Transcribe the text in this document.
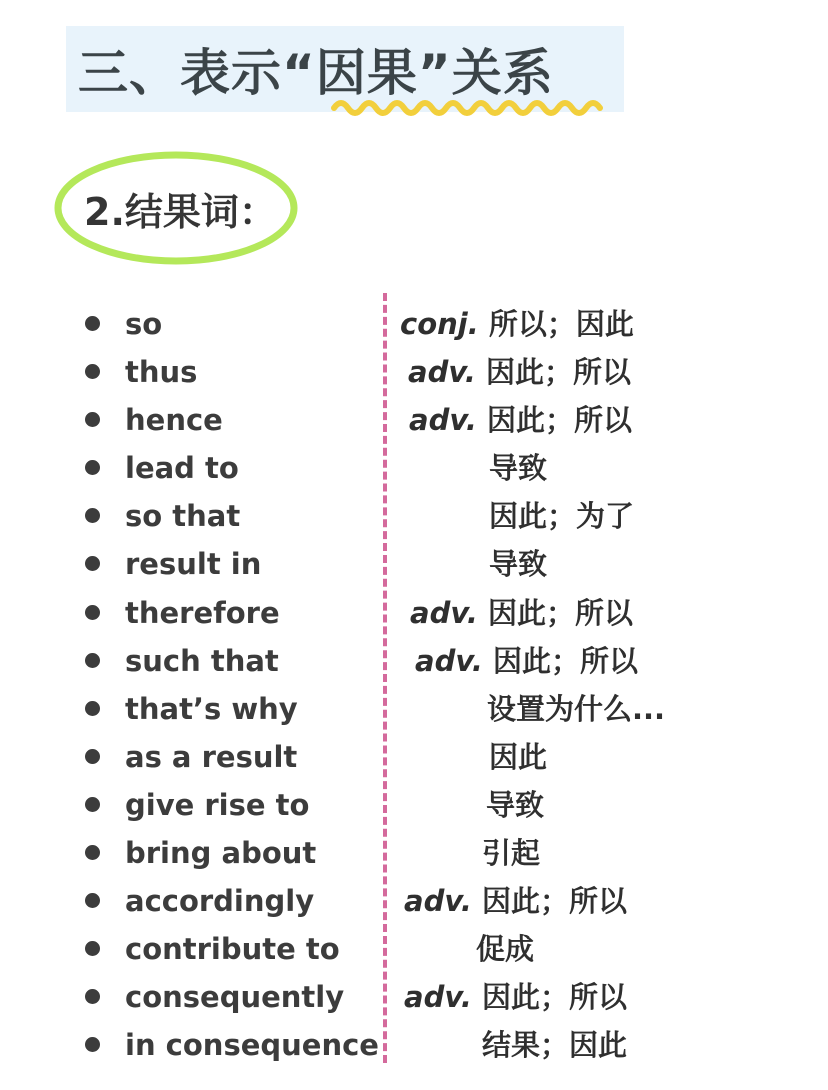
三、表示“因果”关系
2.结果词：
so	conj. 所以；因此
thus	adv. 因此；所以
hence	adv. 因此；所以
lead to	导致
so that	因此；为了
result in	导致
therefore	adv. 因此；所以
such that	adv. 因此；所以
that’s why	设置为什么...
as a result	因此
give rise to	导致
bring about	引起
accordingly	adv. 因此；所以
contribute to	促成
consequently adv. 因此；所以
in consequence	结果；因此
